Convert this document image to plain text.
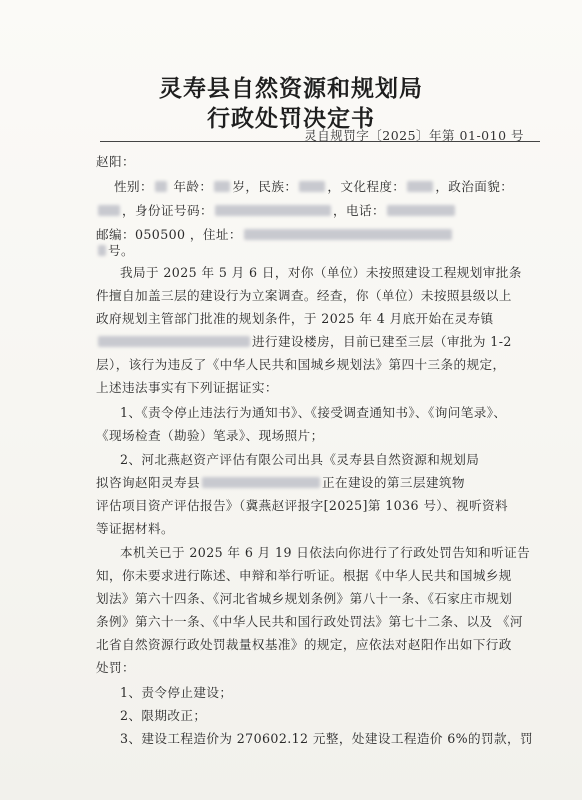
灵寿县自然资源和规划局
行政处罚决定书
灵自规罚字〔2025〕年第 01-010 号
赵阳：
性别： 年龄： 岁，民族： ，文化程度： ，政治面貌：
，身份证号码：	，电话：
邮编：050500 ，住址：
号。
我局于 2025 年 5 月 6 日，对你（单位）未按照建设工程规划审批条
件擅自加盖三层的建设行为立案调查。经查，你（单位）未按照县级以上
政府规划主管部门批准的规划条件，于 2025 年 4 月底开始在灵寿镇
进行建设楼房，目前已建至三层（审批为 1-2
层），该行为违反了《中华人民共和国城乡规划法》第四十三条的规定，
上述违法事实有下列证据证实：
1、《责令停止违法行为通知书》、《接受调查通知书》、《询问笔录》、
《现场检查（勘验）笔录》、现场照片；
2、河北燕赵资产评估有限公司出具《灵寿县自然资源和规划局
拟咨询赵阳灵寿县	正在建设的第三层建筑物
评估项目资产评估报告》（冀燕赵评报字[2025]第 1036 号）、视听资料
等证据材料。
本机关已于 2025 年 6 月 19 日依法向你进行了行政处罚告知和听证告
知，你未要求进行陈述、申辩和举行听证。根据《中华人民共和国城乡规
划法》第六十四条、《河北省城乡规划条例》第八十一条、《石家庄市规划
条例》第六十一条、《中华人民共和国行政处罚法》第七十二条、以及 《河
北省自然资源行政处罚裁量权基准》的规定，应依法对赵阳作出如下行政
处罚：
1、责令停止建设；
2、限期改正；
3、建设工程造价为 270602.12 元整，处建设工程造价 6%的罚款，罚
